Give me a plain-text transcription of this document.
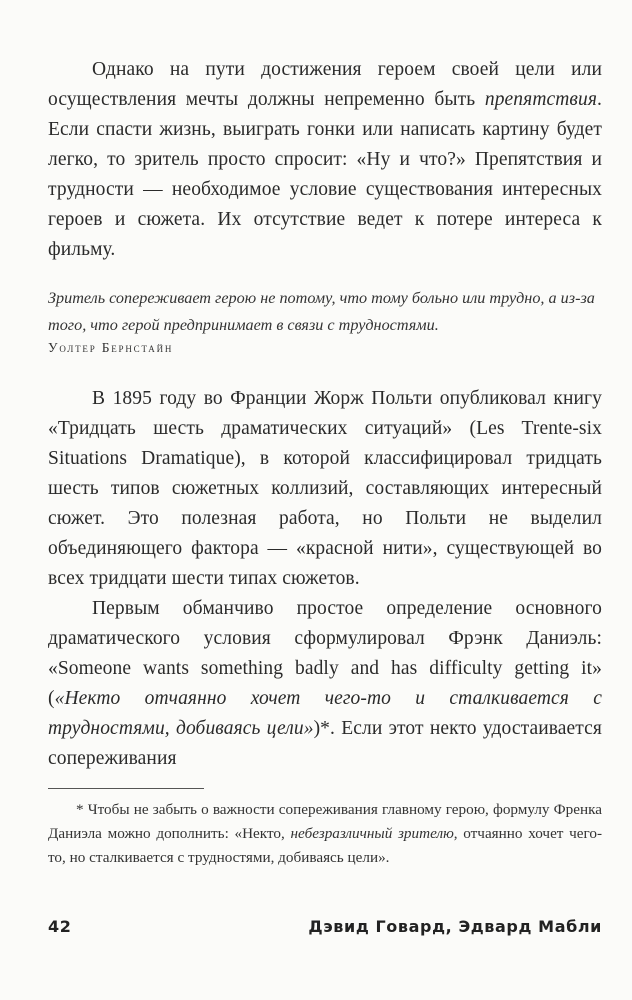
Однако на пути достижения героем своей цели или осуществления мечты должны непременно быть препятствия. Если спасти жизнь, выиграть гонки или написать картину будет легко, то зритель просто спросит: «Ну и что?» Препятствия и трудности — необходимое условие существования интересных героев и сюжета. Их отсутствие ведет к потере интереса к фильму.

Зритель сопереживает герою не потому, что тому больно или трудно, а из-за того, что герой предпринимает в связи с трудностями.

Уолтер Бернстайн

В 1895 году во Франции Жорж Польти опубликовал книгу «Тридцать шесть драматических ситуаций» (Les Trente-six Situations Dramatique), в которой классифицировал тридцать шесть типов сюжетных коллизий, составляющих интересный сюжет. Это полезная работа, но Польти не выделил объединяющего фактора — «красной нити», существующей во всех тридцати шести типах сюжетов.

Первым обманчиво простое определение основного драматического условия сформулировал Фрэнк Даниэль: «Someone wants something badly and has difficulty getting it» («Некто отчаянно хочет чего-то и сталкивается с трудностями, добиваясь цели»)*. Если этот некто удостаивается сопереживания

* Чтобы не забыть о важности сопереживания главному герою, формулу Френка Даниэла можно дополнить: «Некто, небезразличный зрителю, отчаянно хочет чего-то, но сталкивается с трудностями, добиваясь цели».

42	Дэвид Говард, Эдвард Мабли
